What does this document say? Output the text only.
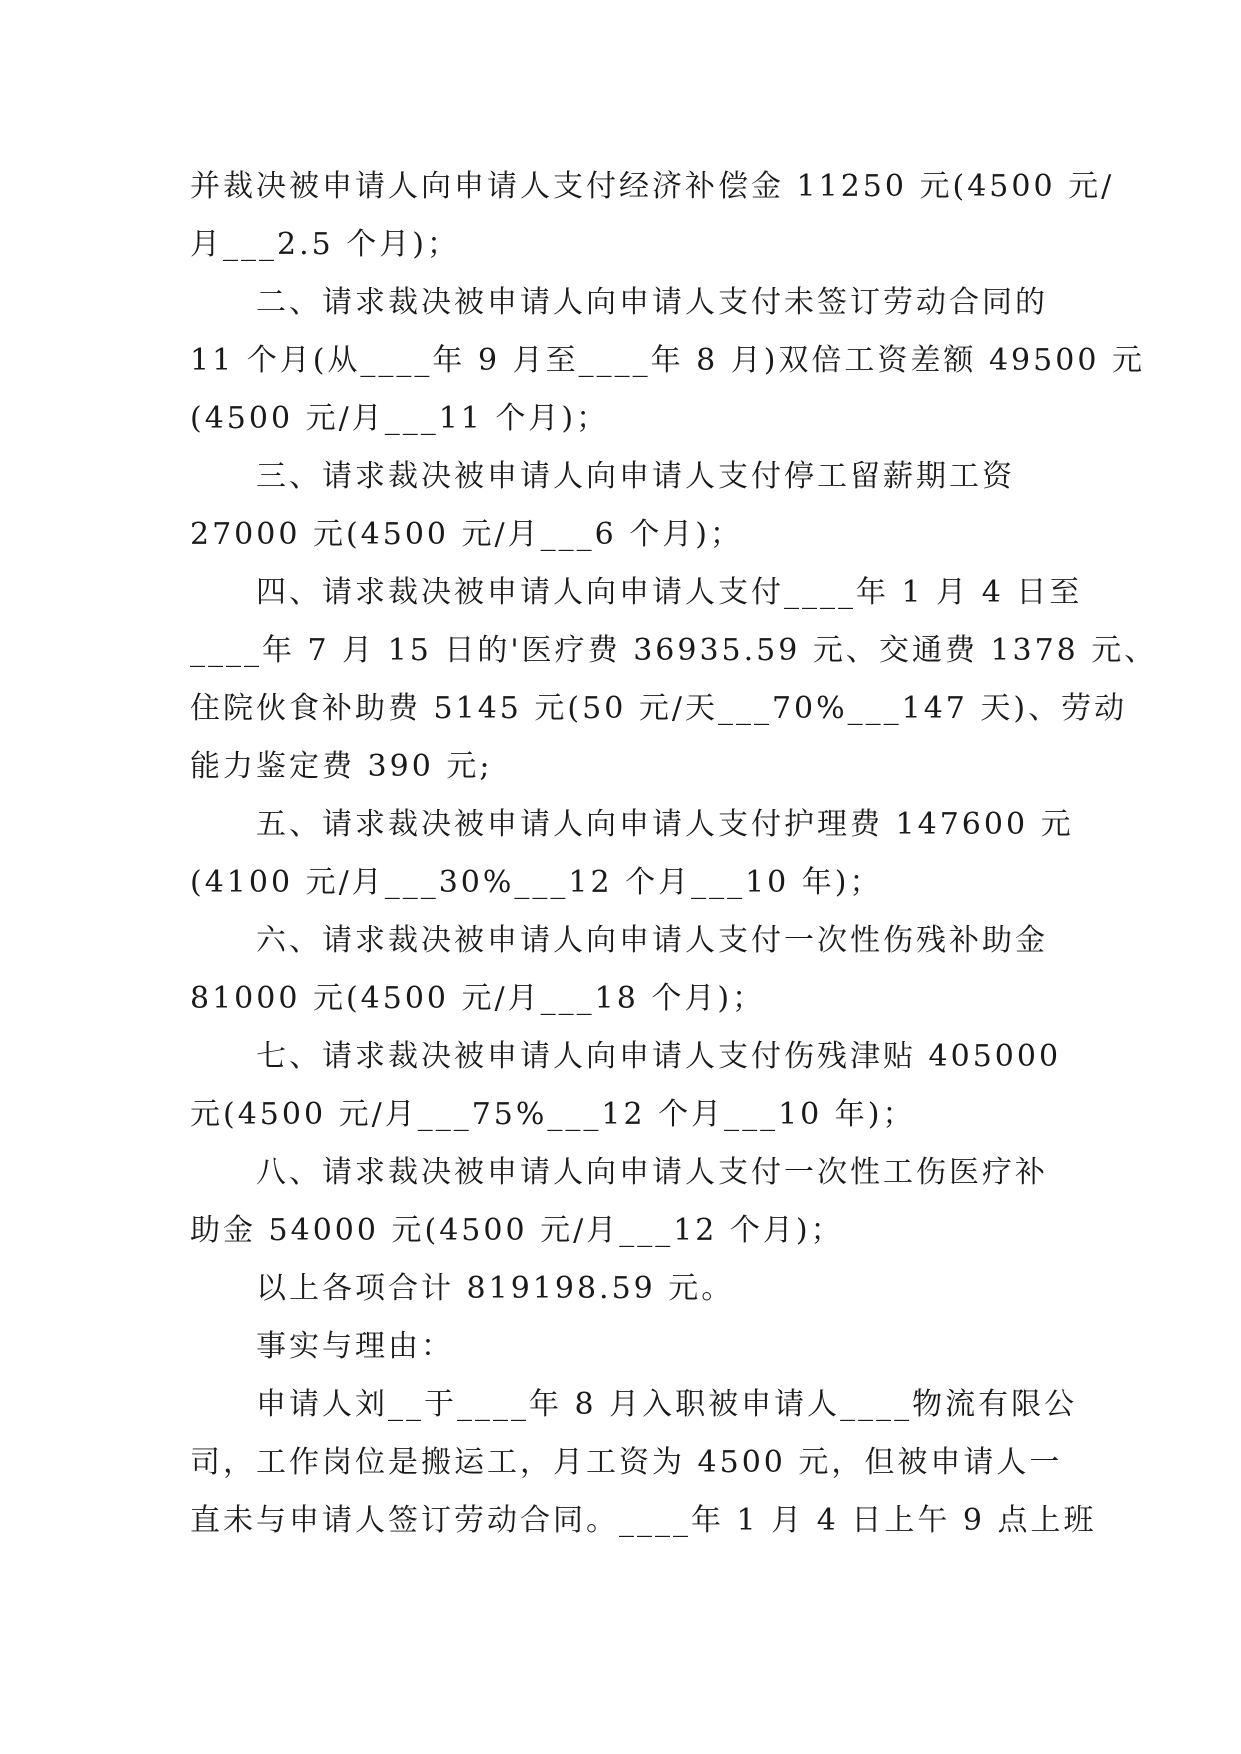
并裁决被申请人向申请人支付经济补偿金 11250 元(4500 元/
月___2.5 个月)；
二、请求裁决被申请人向申请人支付未签订劳动合同的
11 个月(从____年 9 月至____年 8 月)双倍工资差额 49500 元
(4500 元/月___11 个月)；
三、请求裁决被申请人向申请人支付停工留薪期工资
27000 元(4500 元/月___6 个月)；
四、请求裁决被申请人向申请人支付____年 1 月 4 日至
____年 7 月 15 日的'医疗费 36935.59 元、交通费 1378 元、
住院伙食补助费 5145 元(50 元/天___70%___147 天)、劳动
能力鉴定费 390 元;
五、请求裁决被申请人向申请人支付护理费 147600 元
(4100 元/月___30%___12 个月___10 年)；
六、请求裁决被申请人向申请人支付一次性伤残补助金
81000 元(4500 元/月___18 个月)；
七、请求裁决被申请人向申请人支付伤残津贴 405000
元(4500 元/月___75%___12 个月___10 年)；
八、请求裁决被申请人向申请人支付一次性工伤医疗补
助金 54000 元(4500 元/月___12 个月)；
以上各项合计 819198.59 元。
事实与理由：
申请人刘__于____年 8 月入职被申请人____物流有限公
司，工作岗位是搬运工，月工资为 4500 元，但被申请人一
直未与申请人签订劳动合同。____年 1 月 4 日上午 9 点上班
